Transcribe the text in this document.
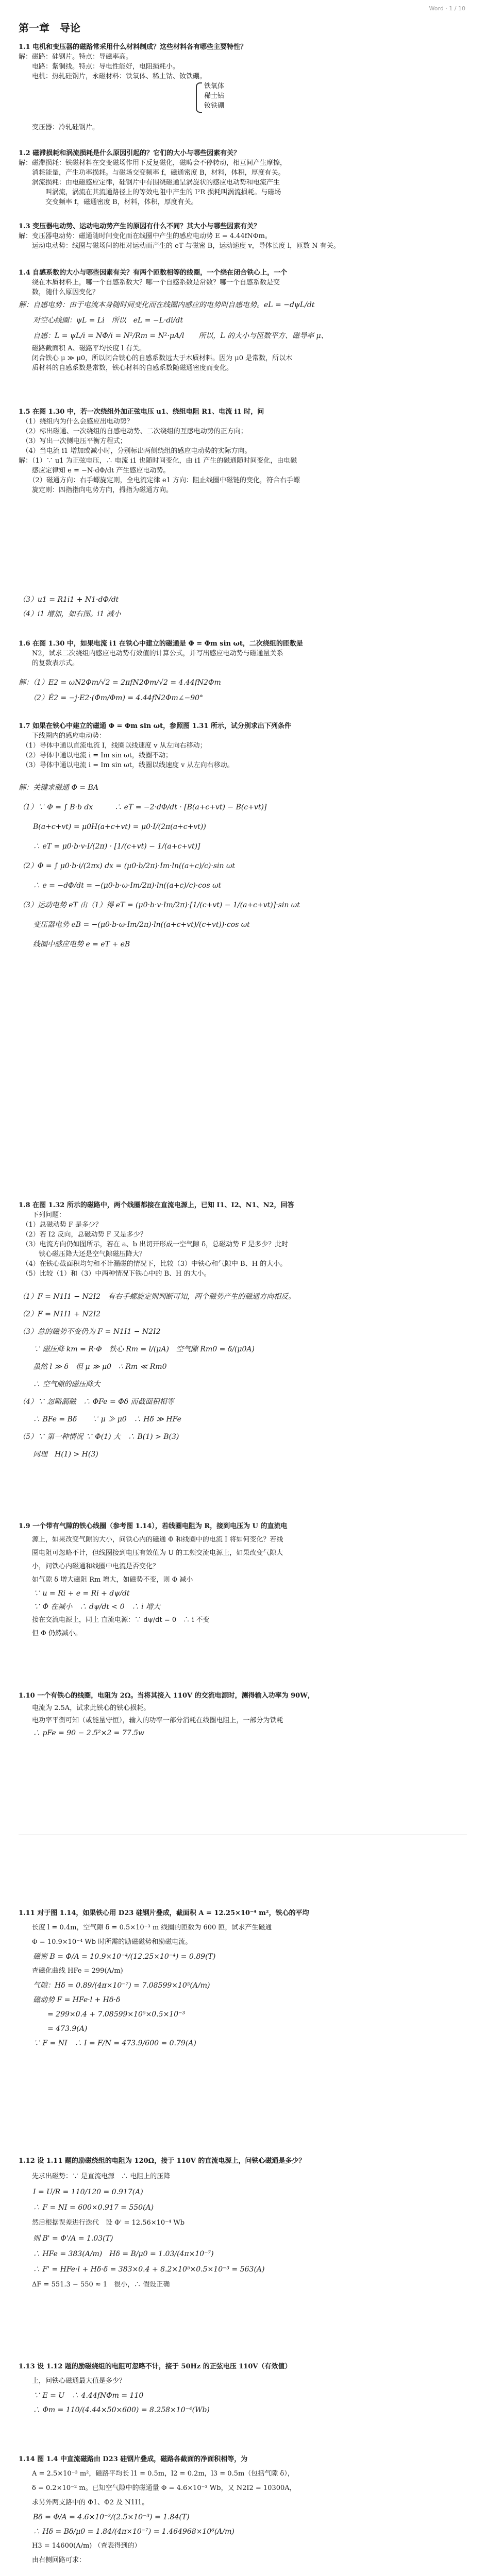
Word · 1 / 10
第一章　导论
1.1 电机和变压器的磁路常采用什么材料制成？这些材料各有哪些主要特性？
解：磁路：硅钢片。特点：导磁率高。
　　电路：紫铜线。特点：导电性能好，电阻损耗小。
　　电机：热轧硅钢片，永磁材料：铁氧体、稀土钴、钕铁硼。
铁氧体
稀土钴
钕铁硼
　　变压器：冷轧硅钢片。
1.2 磁滞损耗和涡流损耗是什么原因引起的？它们的大小与哪些因素有关？
解：磁滞损耗：铁磁材料在交变磁场作用下反复磁化，磁畴会不停转动，相互间产生摩擦，
　　消耗能量，产生功率损耗。与磁场交变频率 f，磁通密度 B，材料，体积，厚度有关。
　　涡流损耗：由电磁感应定律，硅钢片中有围绕磁通呈涡旋状的感应电动势和电流产生
　　　　叫涡流，涡流在其流通路径上的等效电阻中产生的 I²R 损耗叫涡流损耗。与磁场
　　　　交变频率 f，磁通密度 B，材料，体积，厚度有关。
1.3 变压器电动势、运动电动势产生的原因有什么不同？其大小与哪些因素有关？
解：变压器电动势：磁通随时间变化而在线圈中产生的感应电动势 E = 4.44fNΦm。
　　运动电动势：线圈与磁场间的相对运动而产生的 eT 与磁密 B，运动速度 v，导体长度 l，匝数 N 有关。
1.4 自感系数的大小与哪些因素有关？有两个匝数相等的线圈，一个绕在闭合铁心上，一个
　　绕在木质材料上，哪一个自感系数大？哪一个自感系数是常数？哪一个自感系数是变
　　数，随什么原因变化？
解：自感电势：由于电流本身随时间变化而在线圈内感应的电势叫自感电势。eL = −dψL/dt
　　对空心线圈：ψL = Li　所以　eL = −L·di/dt
　　自感：L = ψL/i = NΦ/i = N²/Rm = N²·μA/l　　所以，L 的大小与匝数平方、磁导率 μ、
　　磁路截面积 A、磁路平均长度 l 有关。
　　闭合铁心 μ ≫ μ0，所以闭合铁心的自感系数远大于木质材料。因为 μ0 是常数，所以木
　　质材料的自感系数是常数，铁心材料的自感系数随磁通密度而变化。
1.5 在图 1.30 中，若一次绕组外加正弦电压 u1、绕组电阻 R1、电流 i1 时，问
　（1）绕组内为什么会感应出电动势？
　（2）标出磁通、一次绕组的自感电动势、二次绕组的互感电动势的正方向；
　（3）写出一次侧电压平衡方程式；
　（4）当电流 i1 增加或减小时，分别标出两侧绕组的感应电动势的实际方向。
解：（1）∵ u1 为正弦电压，∴ 电流 i1 也随时间变化，由 i1 产生的磁通随时间变化，由电磁
　　感应定律知 e = −N·dΦ/dt 产生感应电动势。
　　（2）磁通方向：右手螺旋定则，全电流定律 e1 方向：阻止线圈中磁链的变化，符合右手螺
　　旋定则：四指指向电势方向，拇指为磁通方向。
（3）u1 = R1i1 + N1·dΦ/dt
（4）i1 增加，如右图。i1 减小
1.6 在图 1.30 中，如果电流 i1 在铁心中建立的磁通是 Φ = Φm sin ωt，二次绕组的匝数是
　　N2，试求二次绕组内感应电动势有效值的计算公式，并写出感应电动势与磁通量关系
　　的复数表示式。
解：（1）E2 = ωN2Φm/√2 = 2πfN2Φm/√2 = 4.44fN2Φm
　　（2）Ė2 = −j·E2·(Φ̇m/Φm) = 4.44fN2Φm∠−90°
1.7 如果在铁心中建立的磁通 Φ = Φm sin ωt，参照图 1.31 所示，试分别求出下列条件
　　下线圈内的感应电动势：
　（1）导体中通以直流电流 I，线圈以线速度 v 从左向右移动；
　（2）导体中通以电流 i = Im sin ωt，线圈不动；
　（3）导体中通以电流 i = Im sin ωt，线圈以线速度 v 从左向右移动。
解：关键求磁通 Φ = BA
（1）∵ Φ = ∫ B·b dx　　　∴ eT = −2·dΦ/dt · [B(a+c+vt) − B(c+vt)]
　　B(a+c+vt) = μ0H(a+c+vt) = μ0·I/(2π(a+c+vt))
　　∴ eT = μ0·b·v·I/(2π) · [1/(c+vt) − 1/(a+c+vt)]
（2）Φ = ∫ μ0·b·i/(2πx) dx = (μ0·b/2π)·Im·ln((a+c)/c)·sin ωt
　　∴ e = −dΦ/dt = −(μ0·b·ω·Im/2π)·ln((a+c)/c)·cos ωt
（3）运动电势 eT 由（1）得 eT = (μ0·b·v·Im/2π)·[1/(c+vt) − 1/(a+c+vt)]·sin ωt
　　变压器电势 eB = −(μ0·b·ω·Im/2π)·ln((a+c+vt)/(c+vt))·cos ωt
　　线圈中感应电势 e = eT + eB
1.8 在图 1.32 所示的磁路中，两个线圈都接在直流电源上，已知 I1、I2、N1、N2，回答
　　下列问题：
　（1）总磁动势 F 是多少？
　（2）若 I2 反向，总磁动势 F 又是多少？
　（3）电流方向仍如图所示，若在 a、b 出切开形成一空气隙 δ，总磁动势 F 是多少？此时
　　　铁心磁压降大还是空气隙磁压降大？
　（4）在铁心截面积均匀和不计漏磁的情况下，比较（3）中铁心和气隙中 B、H 的大小。
　（5）比较（1）和（3）中两种情况下铁心中的 B、H 的大小。
（1）F = N1I1 − N2I2　有右手螺旋定则判断可知，两个磁势产生的磁通方向相反。
（2）F = N1I1 + N2I2
（3）总的磁势不变仍为 F = N1I1 − N2I2
　　∵ 磁压降 km = R·Φ　铁心 Rm = l/(μA)　空气隙 Rm0 = δ/(μ0A)
　　虽然 l ≫ δ　但 μ ≫ μ0　∴ Rm ≪ Rm0
　　∴ 空气隙的磁压降大
（4）∵ 忽略漏磁　∴ ΦFe = Φδ 而截面积相等
　　∴ BFe = Bδ　　∵ μ ≫ μ0　∴ Hδ ≫ HFe
（5）∵ 第一种情况 ∵ Φ(1) 大　∴ B(1) > B(3)
　　同理　H(1) > H(3)
1.9 一个带有气隙的铁心线圈（参考图 1.14），若线圈电阻为 R，接到电压为 U 的直流电
　　源上，如果改变气隙的大小，问铁心内的磁通 Φ 和线圈中的电流 I 将如何变化？若线
　　圈电阻可忽略不计，但线圈接到电压有效值为 U 的工频交流电源上，如果改变气隙大
　　小，问铁心内磁通和线圈中电流是否变化？
　　如气隙 δ 增大磁阻 Rm 增大，如磁势不变，则 Φ 减小
　　∵ u = Ri + e = Ri + dψ/dt
　　∵ Φ 在减小　∴ dψ/dt < 0　∴ i 增大
　　接在交流电源上，同上 直流电源：∵ dψ/dt = 0　∴ i 不变
　　但 Φ 仍然减小。
1.10 一个有铁心的线圈，电阻为 2Ω。当将其接入 110V 的交流电源时，测得输入功率为 90W，
　　电流为 2.5A，试求此铁心的铁心损耗。
　　电功率平衡可知（或能量守恒），输入的功率一部分消耗在线圈电阻上，一部分为铁耗
　　∴ pFe = 90 − 2.5²×2 = 77.5w
1.11 对于图 1.14，如果铁心用 D23 硅钢片叠成，截面积 A = 12.25×10⁻⁴ m²，铁心的平均
　　长度 l = 0.4m，空气隙 δ = 0.5×10⁻³ m 线圈的匝数为 600 匝，试求产生磁通
　　Φ = 10.9×10⁻⁴ Wb 时所需的励磁磁势和励磁电流。
　　磁密 B = Φ/A = 10.9×10⁻⁴/(12.25×10⁻⁴) = 0.89(T)
　　查磁化曲线 HFe = 299(A/m)
　　气隙：Hδ = 0.89/(4π×10⁻⁷) = 7.08599×10⁵(A/m)
　　磁动势 F = HFe·l + Hδ·δ
　　　　= 299×0.4 + 7.08599×10⁵×0.5×10⁻³
　　　　= 473.9(A)
　　∵ F = NI　∴ I = F/N = 473.9/600 = 0.79(A)
1.12 设 1.11 题的励磁绕组的电阻为 120Ω，接于 110V 的直流电源上，问铁心磁通是多少？
　　先求出磁势：∵ 是直流电源　∴ 电阻上的压降
　　I = U/R = 110/120 = 0.917(A)
　　∴ F = NI = 600×0.917 = 550(A)
　　然后根据误差进行迭代　设 Φ' = 12.56×10⁻⁴ Wb
　　则 B' = Φ'/A = 1.03(T)
　　∴ HFe = 383(A/m)　Hδ = B/μ0 = 1.03/(4π×10⁻⁷)
　　∴ F' = HFe·l + Hδ·δ = 383×0.4 + 8.2×10⁵×0.5×10⁻³ = 563(A)
　　ΔF = 551.3 − 550 ≈ 1　很小，∴ 假设正确
1.13 设 1.12 题的励磁绕组的电阻可忽略不计，接于 50Hz 的正弦电压 110V（有效值）
　　上，问铁心磁通最大值是多少？
　　∵ E = U　∴ 4.44fNΦm = 110
　　∴ Φm = 110/(4.44×50×600) = 8.258×10⁻⁴(Wb)
1.14 图 1.4 中直流磁路由 D23 硅钢片叠成，磁路各截面的净面积相等，为
　　A = 2.5×10⁻³ m²，磁路平均长 l1 = 0.5m，l2 = 0.2m，l3 = 0.5m（包括气隙 δ），
　　δ = 0.2×10⁻² m。已知空气隙中的磁通量 Φ = 4.6×10⁻³ Wb，又 N2I2 = 10300A，
　　求另外两支路中的 Φ1、Φ2 及 N1I1。
　　Bδ = Φ/A = 4.6×10⁻³/(2.5×10⁻³) = 1.84(T)
　　∴ Hδ = Bδ/μ0 = 1.84/(4π×10⁻⁷) = 1.464968×10⁶(A/m)
　　H3 = 14600(A/m) （查表得到的）
　　由右侧回路可求：
